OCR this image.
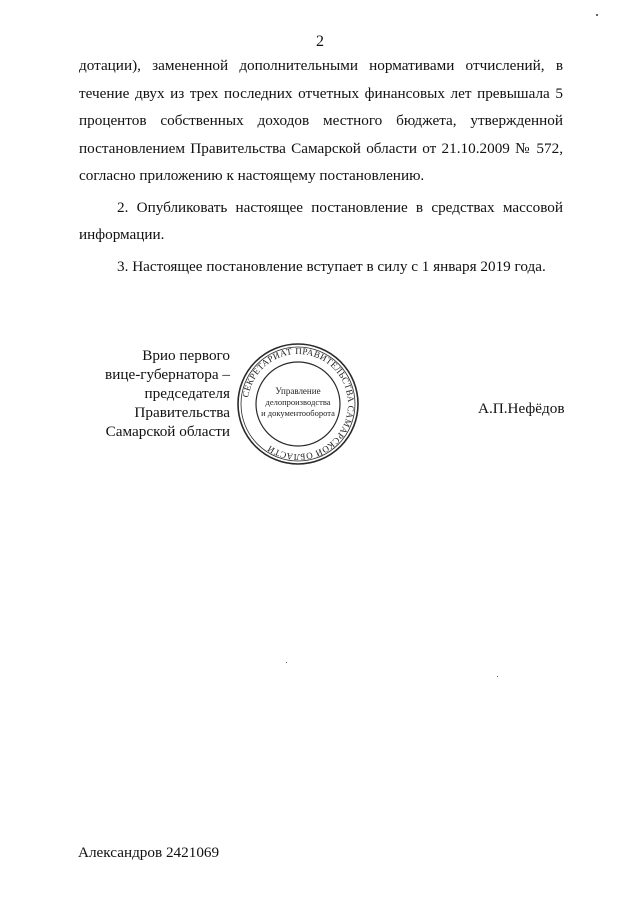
2

дотации), замененной дополнительными нормативами отчислений, в течение двух из трех последних отчетных финансовых лет превышала 5 процентов собственных доходов местного бюджета, утвержденной постановлением Правительства Самарской области от 21.10.2009 № 572, согласно приложению к настоящему постановлению.

2. Опубликовать настоящее постановление в средствах массовой информации.

3. Настоящее постановление вступает в силу с 1 января 2019 года.

Врио первого
вице-губернатора –
председателя Правительства
Самарской области
СЕКРЕТАРИАТ ПРАВИТЕЛЬСТВА САМАРСКОЙ ОБЛАСТИ
Управление
делопроизводства
и документооборота	А.П.Нефёдов
Александров 2421069
